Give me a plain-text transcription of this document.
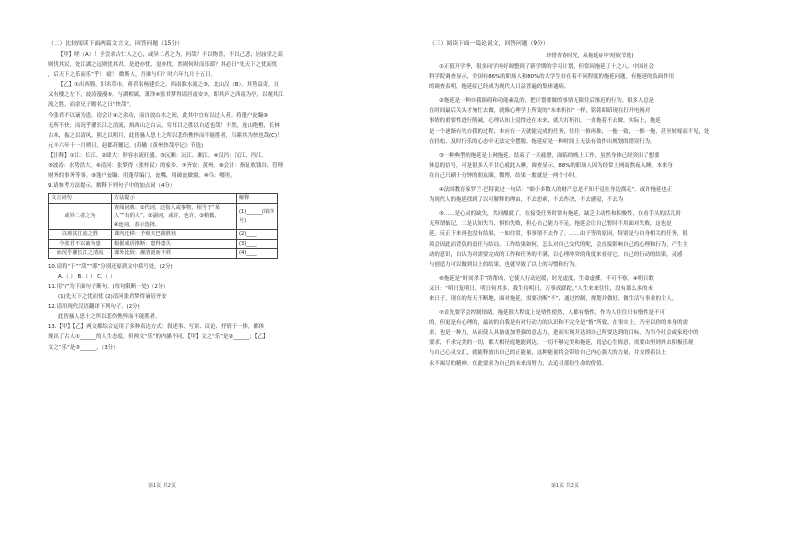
（二）比较阅读下面两篇文言文，回答问题（15分）
【甲】嗟（A）！予尝求古仁人之心，或异二者之为，何哉？不以物喜，不以己悲；居庙堂之高
则忧其民，处江湖之远则忧其君。是进亦忧，退亦忧。然则何时而乐耶？其必曰“先天下之忧而忧
，后天下之乐而乐”乎！ 噫！ 微斯人，吾谁与归？时六年九月十五日。
【乙】①出西塍，旧名草市，蒋君名杨建长之。西南淮水流之③，北山汉（B）。其势益奇，且
又有楼之左下，波涛漫漫⑤。与湖相属，萧泽④张君梦得请居南安⑦，即其庐之西南为亭，以观其江
流之胜，而余兄子瞻名之曰“快哉”。
今张君不以谪为患，窃会计④之余功，而自放山水之间，此其中宜有以过人者。将蓬户瓮牖⑨
无所不快；而况乎濯长江之清流，揖西山之白云，穷耳目之胜以自适也哉！不然，连山绝壑，长林
古木，振之以清风，照之以明月，此皆骚人思士之所以悲伤憔悴而不能胜者，乌睹其为快也哉(C)！
元丰六年十一月朔日，赵郡苏辙记。(苏辙《黄州快哉亭记》节选)
【注释】①江：长江。②肆大：形容水流旺盛。③沅湘：沅江、湘江。④汉沔：汉江、沔江。
⑤波涛：水势浩大。⑥清河：张梦得（张怀民）的家乡。⑦齐安：黄州。⑧会计：指征收钱谷、管理
财务的事务等事。⑨蓬户瓮牖：用蓬草编门，瓮嘴，用破瓮做窗。⑩乌：哪里。
9.请参考方法提示，解释下列句子中的加点词（4分）
文言词句	方法提示	解释
或异二者之为	查阅词典：①代词，泛指人或事物，相当于“某
人”“有的人”。②副词，或许，也许。③稍微。
④连词，表示选择。	(1)______(填序号)
以观其江流之胜	课内迁移：予观夫巴陵胜状	(2)____
今张君不以谪为患	根据成语推断：患得患失	(3)____
而况乎濯长江之清流	课外比较：濯清涟而不妖	(4)____
10.请将“于”“哉”“耶”分别还原到文中括号处。(2分)
A.（ ） B.（ ） C.（ ）
11.用“/”为下面句子断句。(每句限断一处)（2分）
(1)先天下之忧而忧 (2)清河张君梦得谪居齐安
12.请用现代汉语翻译下列句子。(2分)
此皆骚人思士之所以悲伤憔悴而不能胜者。
13.【甲】【乙】两文都综合运用了多种表达方式：叙述事、写景、议论、抒情于一体，都体
现出了古人①______的人生态度。但两文“乐”的内涵不同，【甲】文之“乐”是②______；【乙】
文之“乐”是③______。（3分）
第1页 共2页
（三）阅读下面一篇论说文，回答问题（9分）
珍惜青春时光，从拖延症中突围(节选)
①正值开学季，很多同学再好调整到了新学期的学习计划，但常因拖延了十之八。中国社会
科学院调查显示，全国有86%的职场人和80%的大学生存在着不同程度的拖延问题。有拖延的负面作用
的调查表明，拖延症已经成为现代人日益普遍的集体通病。
②拖延是一种自我阻碍和功能紊乱的、把计划要做的事情无限往后推迟的行为。很多人总是
在时间最后关头才匆忙去做，就像心理学上所说的“未来折扣”一样，铭铭昭昭现在打开电视对
事情的重要性进行削减，心理认知上觉得还在未来，就大打折扣，一直拖着不去做。实际上，拖延
是一个逐渐有失自我的过程，本应在一天就能完成的任务，往往一推再推；一拖一致，一推一拖，甚至转嫁而不见，处
在轻松、及时行乐的心态中无法完全摆脱。拖延症是一种时间上无法有效作出规划的错误行为。
③一种典型的拖延是上网拖延。结束了一天疲惫，面临的晚上工作，虽然身体已经突出了想要
休息的信号，可是很多人不甘心就此入睡。调查显示，88%的职场人因为经常上网而熬夜入睡，本来身
在自己只刷十分钟的朋友圈，微博，结果一耽就是一两个小时。
④法国教育家罗兰·巴特说过一句话：“细小多数人的财产总是不知不觉在身边溜走”。或许拖延也正
为现代人的拖延找到了以可解释的理由，不去思索，不去作决，不去感觉，不去为
⑤……是心灵的缺失，共同酿就了。在接受任务时常有拖延，缺乏主动性和积极性，在看手头的活儿时
无所谓惦记，二是认知失当，惧怕失败，担心自己能力不足，拖延会让自己暂时不用面对失败，这也是
延，反正下来再也没有结果，一如往常，事事情不去作了。……由于等的原因，特别是与自身相关的任务，很
蔫会因此而背负的责任与结局，工作结果如何，怎么对自己交代的呢，会直接影响自己的心理和行为，产生主
动的意识，自认为对需要完成的工作和任务的不满，以心理冲突的角度来看待它，自己的行动的结果，灵感
与创造力可以做到以上的结果，也就导致了以上的习惯和行为。
⑥拖延是“时间杀手”的帮凶，它使人行动迟缓，时光虚度，生命虚掷，不可不察。④明日歌
又曰：“明日复明日，明日何其多，我生待明日，万事成蹉跎。”人生来来往往，没有那么多的未
来日子，现在的每天不断地，面对拖延，需要决断“不”，通过控制，规划并做好，做生活与事业的主人。
⑦首先要学会控制情绪。拖延很大程度上是情性使然，人都有惰性，作为人往往只有惰性是不可
的，但更是有心理的，最初的自我是有对行动力的认识和不完全是“惰”所致，在事实上，乃至以你的本身的需
求，也是一种力，从而使人具备更加坚强的意志力，进而实现并达到自己所要达到的目标，为当今社会或家庭中的
要求，不求完美的一切，都大相径庭地能到达。一切不够完美和拖延，切忌心生悔意，需要由里到外去积极乐观
与自己心灵交汇，就能释放出自己的正能量，这种能量将会带给自己内心强大的力量，并支撑着以上
永不竭尽的精神。在此要求为自己的未来而努力，去追寻那份生命的价值。
第1页 共2页
